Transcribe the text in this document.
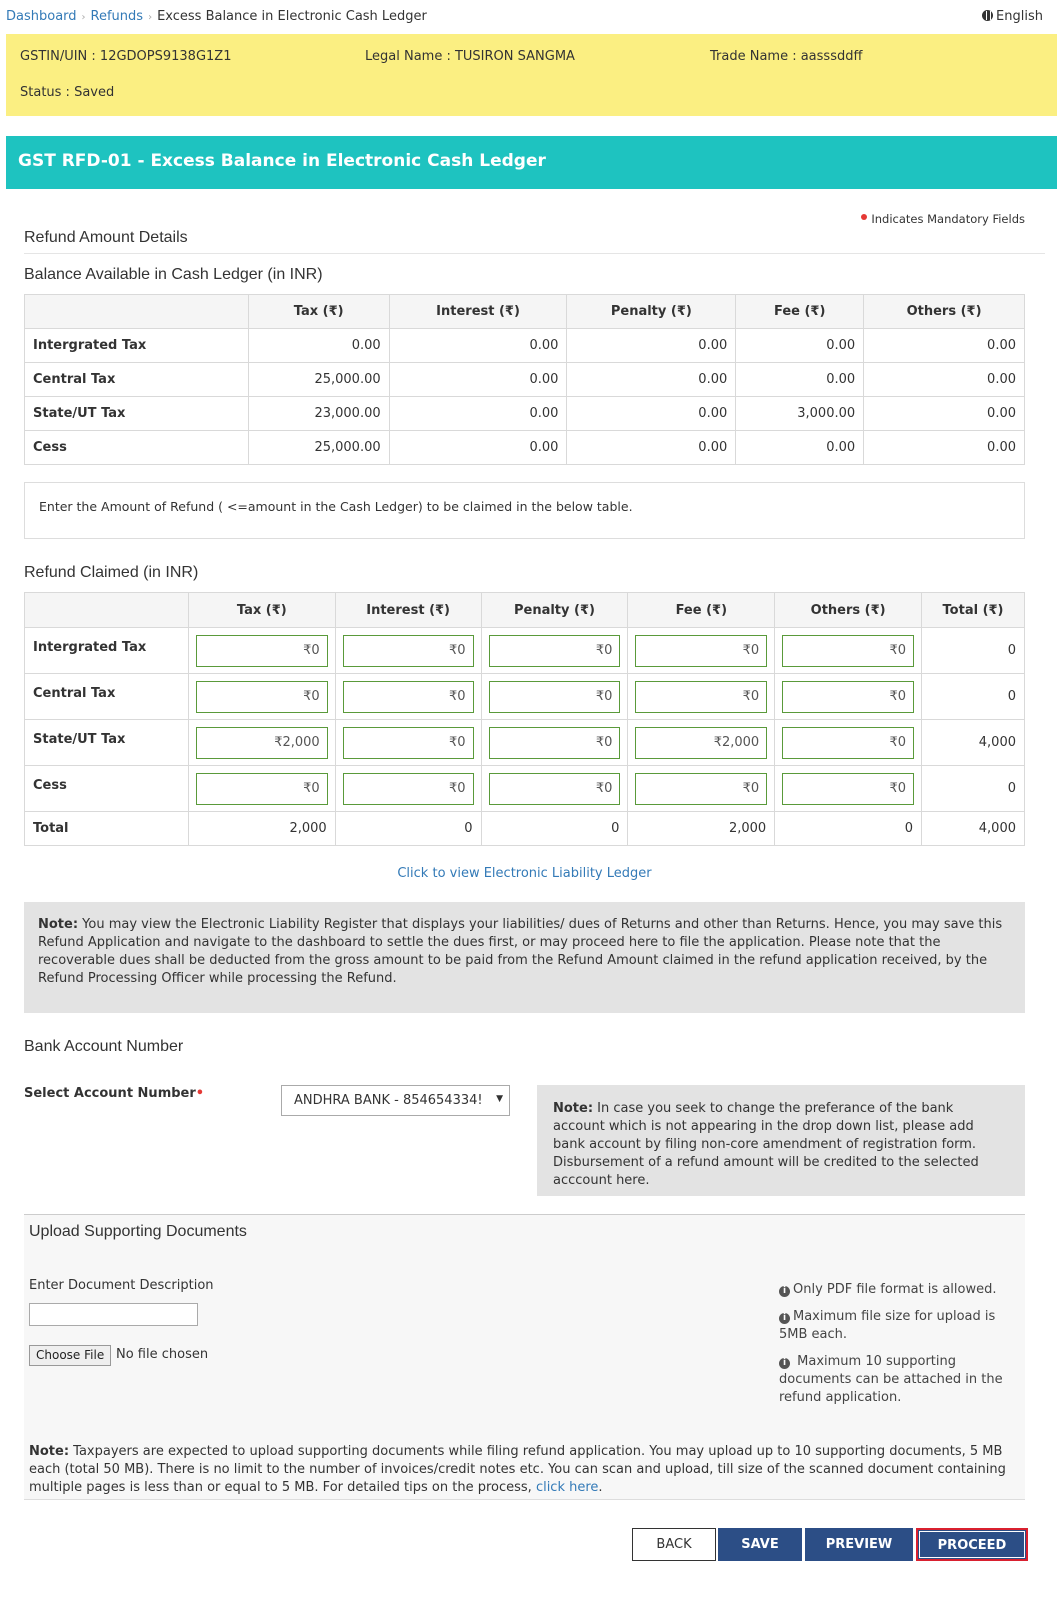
Dashboard › Refunds › Excess Balance in Electronic Cash Ledger	English
GSTIN/UIN : 12GDOPS9138G1Z1	Legal Name : TUSIRON SANGMA	Trade Name : aasssddff
Status : Saved
GST RFD-01 - Excess Balance in Electronic Cash Ledger
Indicates Mandatory Fields
Refund Amount Details
Balance Available in Cash Ledger (in INR)
	Tax (₹)	Interest (₹)	Penalty (₹)	Fee (₹)	Others (₹)
Intergrated Tax	0.00	0.00	0.00	0.00	0.00
Central Tax	25,000.00	0.00	0.00	0.00	0.00
State/UT Tax	23,000.00	0.00	0.00	3,000.00	0.00
Cess	25,000.00	0.00	0.00	0.00	0.00
Enter the Amount of Refund ( <=amount in the Cash Ledger) to be claimed in the below table.
Refund Claimed (in INR)
	Tax (₹)	Interest (₹)	Penalty (₹)	Fee (₹)	Others (₹)	Total (₹)
Intergrated Tax	₹0	₹0	₹0	₹0	₹0	0
Central Tax	₹0	₹0	₹0	₹0	₹0	0
State/UT Tax	₹2,000	₹0	₹0	₹2,000	₹0	4,000
Cess	₹0	₹0	₹0	₹0	₹0	0
Total	2,000	0	0	2,000	0	4,000
Click to view Electronic Liability Ledger
Note: You may view the Electronic Liability Register that displays your liabilities/ dues of Returns and other than Returns. Hence, you may save this Refund Application and navigate to the dashboard to settle the dues first, or may proceed here to file the application. Please note that the recoverable dues shall be deducted from the gross amount to be paid from the Refund Amount claimed in the refund application received, by the Refund Processing Officer while processing the Refund.
Bank Account Number
Select Account Number•	ANDHRA BANK - 854654334! ▼
Note: In case you seek to change the preferance of the bank account which is not appearing in the drop down list, please add bank account by filing non-core amendment of registration form. Disbursement of a refund amount will be credited to the selected acccount here.
Upload Supporting Documents
Enter Document Description
Choose File No file chosen

i Only PDF file format is allowed.

i Maximum file size for upload is 5MB each.

i Maximum 10 supporting documents can be attached in the refund application.

Note: Taxpayers are expected to upload supporting documents while filing refund application. You may upload up to 10 supporting documents, 5 MB each (total 50 MB). There is no limit to the number of invoices/credit notes etc. You can scan and upload, till size of the scanned document containing multiple pages is less than or equal to 5 MB. For detailed tips on the process, click here.
BACK	SAVE	PREVIEW	PROCEED
